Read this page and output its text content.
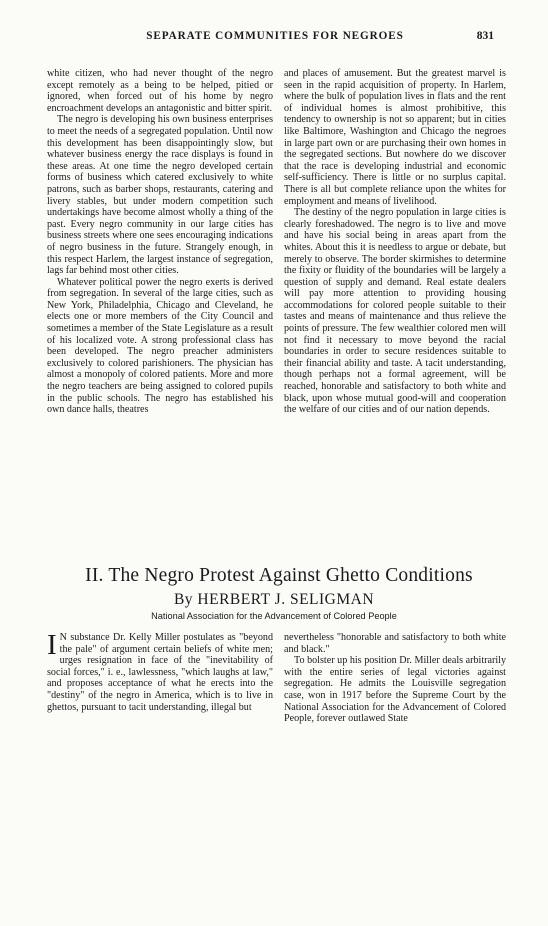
SEPARATE COMMUNITIES FOR NEGROES	831

white citizen, who had never thought of the negro except remotely as a being to be helped, pitied or ignored, when forced out of his home by negro encroachment develops an antagonistic and bitter spirit.

The negro is developing his own business enterprises to meet the needs of a segregated population. Until now this development has been disappointingly slow, but whatever business energy the race displays is found in these areas. At one time the negro developed certain forms of business which catered exclusively to white patrons, such as barber shops, restaurants, catering and livery stables, but under modern competition such undertakings have become almost wholly a thing of the past. Every negro community in our large cities has business streets where one sees encouraging indications of negro business in the future. Strangely enough, in this respect Harlem, the largest instance of segregation, lags far behind most other cities.

Whatever political power the negro exerts is derived from segregation. In several of the large cities, such as New York, Philadelphia, Chicago and Cleveland, he elects one or more members of the City Council and sometimes a member of the State Legislature as a result of his localized vote. A strong professional class has been developed. The negro preacher administers exclusively to colored parishioners. The physician has almost a monopoly of colored patients. More and more the negro teachers are being assigned to colored pupils in the public schools. The negro has established his own dance halls, theatres

and places of amusement. But the greatest marvel is seen in the rapid acquisition of property. In Harlem, where the bulk of population lives in flats and the rent of individual homes is almost prohibitive, this tendency to ownership is not so apparent; but in cities like Baltimore, Washington and Chicago the negroes in large part own or are purchasing their own homes in the segregated sections. But nowhere do we discover that the race is developing industrial and economic self-sufficiency. There is little or no surplus capital. There is all but complete reliance upon the whites for employment and means of livelihood.

The destiny of the negro population in large cities is clearly foreshadowed. The negro is to live and move and have his social being in areas apart from the whites. About this it is needless to argue or debate, but merely to observe. The border skirmishes to determine the fixity or fluidity of the boundaries will be largely a question of supply and demand. Real estate dealers will pay more attention to providing housing accommodations for colored people suitable to their tastes and means of maintenance and thus relieve the points of pressure. The few wealthier colored men will not find it necessary to move beyond the racial boundaries in order to secure residences suitable to their financial ability and taste. A tacit understanding, though perhaps not a formal agreement, will be reached, honorable and satisfactory to both white and black, upon whose mutual good-will and cooperation the welfare of our cities and of our nation depends.

II. The Negro Protest Against Ghetto Conditions
By HERBERT J. SELIGMAN
National Association for the Advancement of Colored People

I N substance Dr. Kelly Miller postulates as "beyond the pale" of argument certain beliefs of white men; urges resignation in face of the "inevitability of social forces," i. e., lawlessness, "which laughs at law," and proposes acceptance of what he erects into the "destiny" of the negro in America, which is to live in ghettos, pursuant to tacit understanding, illegal but

nevertheless "honorable and satisfactory to both white and black."

To bolster up his position Dr. Miller deals arbitrarily with the entire series of legal victories against segregation. He admits the Louisville segregation case, won in 1917 before the Supreme Court by the National Association for the Advancement of Colored People, forever outlawed State
